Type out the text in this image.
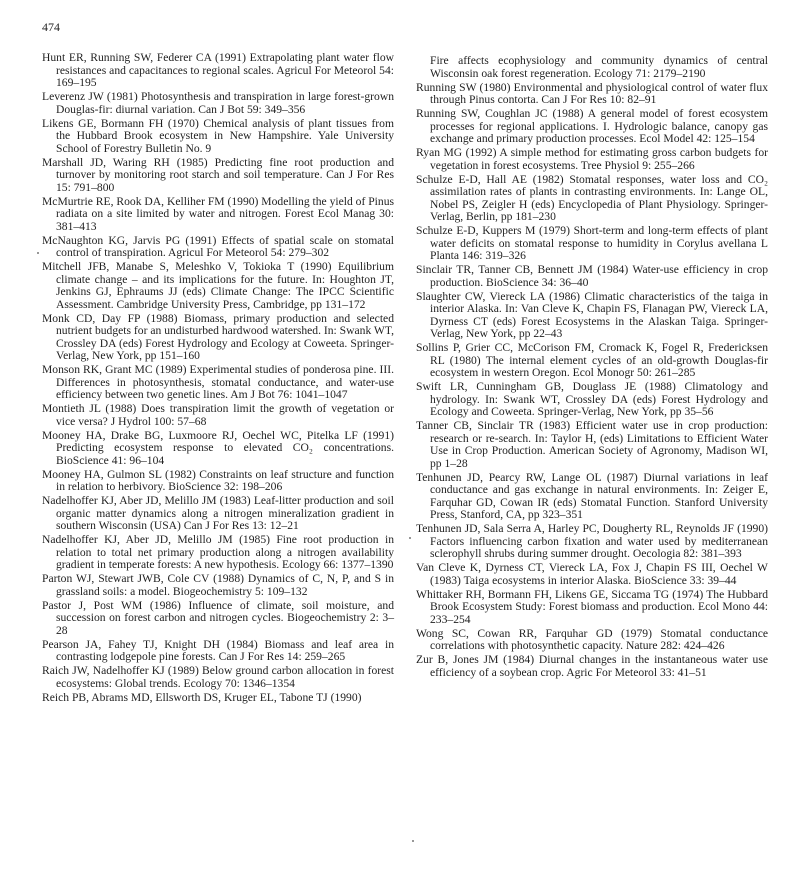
474

Hunt ER, Running SW, Federer CA (1991) Extrapolating plant water flow resistances and capacitances to regional scales. Agricul For Meteorol 54: 169–195

Leverenz JW (1981) Photosynthesis and transpiration in large forest-grown Douglas-fir: diurnal variation. Can J Bot 59: 349–356

Likens GE, Bormann FH (1970) Chemical analysis of plant tissues from the Hubbard Brook ecosystem in New Hampshire. Yale University School of Forestry Bulletin No. 9

Marshall JD, Waring RH (1985) Predicting fine root production and turnover by monitoring root starch and soil temperature. Can J For Res 15: 791–800

McMurtrie RE, Rook DA, Kelliher FM (1990) Modelling the yield of Pinus radiata on a site limited by water and nitrogen. Forest Ecol Manag 30: 381–413

McNaughton KG, Jarvis PG (1991) Effects of spatial scale on stomatal control of transpiration. Agricul For Meteorol 54: 279–302

Mitchell JFB, Manabe S, Meleshko V, Tokioka T (1990) Equilibrium climate change – and its implications for the future. In: Houghton JT, Jenkins GJ, Ephraums JJ (eds) Climate Change: The IPCC Scientific Assessment. Cambridge University Press, Cambridge, pp 131–172

Monk CD, Day FP (1988) Biomass, primary production and selected nutrient budgets for an undisturbed hardwood watershed. In: Swank WT, Crossley DA (eds) Forest Hydrology and Ecology at Coweeta. Springer-Verlag, New York, pp 151–160

Monson RK, Grant MC (1989) Experimental studies of ponderosa pine. III. Differences in photosynthesis, stomatal conductance, and water-use efficiency between two genetic lines. Am J Bot 76: 1041–1047

Montieth JL (1988) Does transpiration limit the growth of vegetation or vice versa? J Hydrol 100: 57–68

Mooney HA, Drake BG, Luxmoore RJ, Oechel WC, Pitelka LF (1991) Predicting ecosystem response to elevated CO₂ concentrations. BioScience 41: 96–104

Mooney HA, Gulmon SL (1982) Constraints on leaf structure and function in relation to herbivory. BioScience 32: 198–206

Nadelhoffer KJ, Aber JD, Melillo JM (1983) Leaf-litter production and soil organic matter dynamics along a nitrogen mineralization gradient in southern Wisconsin (USA) Can J For Res 13: 12–21

Nadelhoffer KJ, Aber JD, Melillo JM (1985) Fine root production in relation to total net primary production along a nitrogen availability gradient in temperate forests: A new hypothesis. Ecology 66: 1377–1390

Parton WJ, Stewart JWB, Cole CV (1988) Dynamics of C, N, P, and S in grassland soils: a model. Biogeochemistry 5: 109–132

Pastor J, Post WM (1986) Influence of climate, soil moisture, and succession on forest carbon and nitrogen cycles. Biogeochemistry 2: 3–28

Pearson JA, Fahey TJ, Knight DH (1984) Biomass and leaf area in contrasting lodgepole pine forests. Can J For Res 14: 259–265

Raich JW, Nadelhoffer KJ (1989) Below ground carbon allocation in forest ecosystems: Global trends. Ecology 70: 1346–1354

Reich PB, Abrams MD, Ellsworth DS, Kruger EL, Tabone TJ (1990)

Fire affects ecophysiology and community dynamics of central Wisconsin oak forest regeneration. Ecology 71: 2179–2190

Running SW (1980) Environmental and physiological control of water flux through Pinus contorta. Can J For Res 10: 82–91

Running SW, Coughlan JC (1988) A general model of forest ecosystem processes for regional applications. I. Hydrologic balance, canopy gas exchange and primary production processes. Ecol Model 42: 125–154

Ryan MG (1992) A simple method for estimating gross carbon budgets for vegetation in forest ecosystems. Tree Physiol 9: 255–266

Schulze E-D, Hall AE (1982) Stomatal responses, water loss and CO₂ assimilation rates of plants in contrasting environments. In: Lange OL, Nobel PS, Zeigler H (eds) Encyclopedia of Plant Physiology. Springer-Verlag, Berlin, pp 181–230

Schulze E-D, Kuppers M (1979) Short-term and long-term effects of plant water deficits on stomatal response to humidity in Corylus avellana L Planta 146: 319–326

Sinclair TR, Tanner CB, Bennett JM (1984) Water-use efficiency in crop production. BioScience 34: 36–40

Slaughter CW, Viereck LA (1986) Climatic characteristics of the taiga in interior Alaska. In: Van Cleve K, Chapin FS, Flanagan PW, Viereck LA, Dyrness CT (eds) Forest Ecosystems in the Alaskan Taiga. Springer-Verlag, New York, pp 22–43

Sollins P, Grier CC, McCorison FM, Cromack K, Fogel R, Fredericksen RL (1980) The internal element cycles of an old-growth Douglas-fir ecosystem in western Oregon. Ecol Monogr 50: 261–285

Swift LR, Cunningham GB, Douglass JE (1988) Climatology and hydrology. In: Swank WT, Crossley DA (eds) Forest Hydrology and Ecology and Coweeta. Springer-Verlag, New York, pp 35–56

Tanner CB, Sinclair TR (1983) Efficient water use in crop production: research or re-search. In: Taylor H, (eds) Limitations to Efficient Water Use in Crop Production. American Society of Agronomy, Madison WI, pp 1–28

Tenhunen JD, Pearcy RW, Lange OL (1987) Diurnal variations in leaf conductance and gas exchange in natural environments. In: Zeiger E, Farquhar GD, Cowan IR (eds) Stomatal Function. Stanford University Press, Stanford, CA, pp 323–351

Tenhunen JD, Sala Serra A, Harley PC, Dougherty RL, Reynolds JF (1990) Factors influencing carbon fixation and water used by mediterranean sclerophyll shrubs during summer drought. Oecologia 82: 381–393

Van Cleve K, Dyrness CT, Viereck LA, Fox J, Chapin FS III, Oechel W (1983) Taiga ecosystems in interior Alaska. BioScience 33: 39–44

Whittaker RH, Bormann FH, Likens GE, Siccama TG (1974) The Hubbard Brook Ecosystem Study: Forest biomass and production. Ecol Mono 44: 233–254

Wong SC, Cowan RR, Farquhar GD (1979) Stomatal conductance correlations with photosynthetic capacity. Nature 282: 424–426

Zur B, Jones JM (1984) Diurnal changes in the instantaneous water use efficiency of a soybean crop. Agric For Meteorol 33: 41–51
